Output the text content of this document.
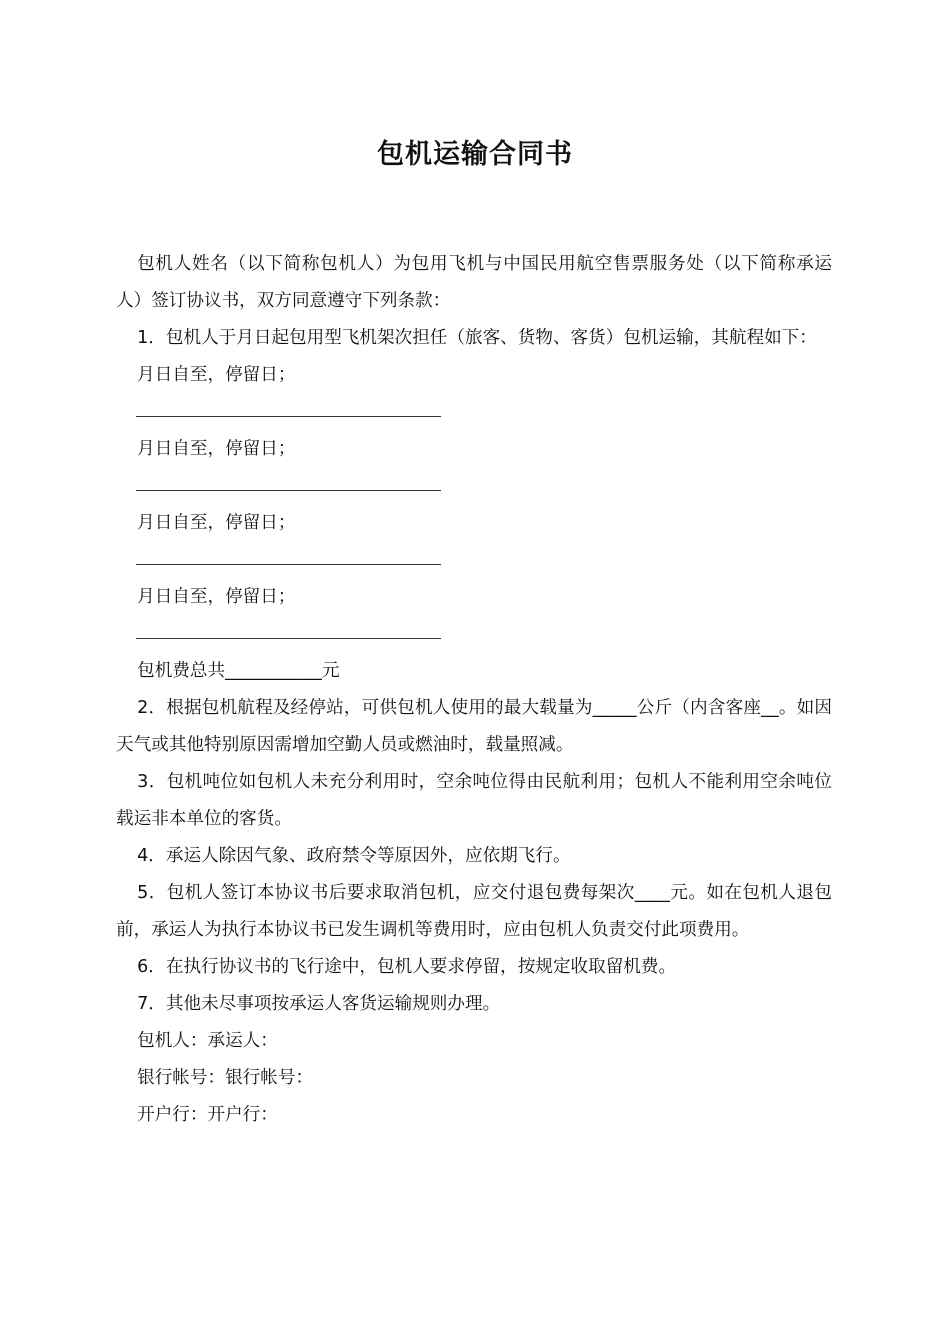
包机运输合同书

包机人姓名（以下简称包机人）为包用飞机与中国民用航空售票服务处（以下简称承运人）签订协议书，双方同意遵守下列条款：

1．包机人于月日起包用型飞机架次担任（旅客、货物、客货）包机运输，其航程如下：

月日自至，停留日；

月日自至，停留日；

月日自至，停留日；

月日自至，停留日；

包机费总共___________元

2．根据包机航程及经停站，可供包机人使用的最大载量为_____公斤（内含客座__。如因天气或其他特别原因需增加空勤人员或燃油时，载量照减。

3．包机吨位如包机人未充分利用时，空余吨位得由民航利用；包机人不能利用空余吨位载运非本单位的客货。

4．承运人除因气象、政府禁令等原因外，应依期飞行。

5．包机人签订本协议书后要求取消包机，应交付退包费每架次____元。如在包机人退包前，承运人为执行本协议书已发生调机等费用时，应由包机人负责交付此项费用。

6．在执行协议书的飞行途中，包机人要求停留，按规定收取留机费。

7．其他未尽事项按承运人客货运输规则办理。

包机人：承运人：

银行帐号：银行帐号：

开户行：开户行：
